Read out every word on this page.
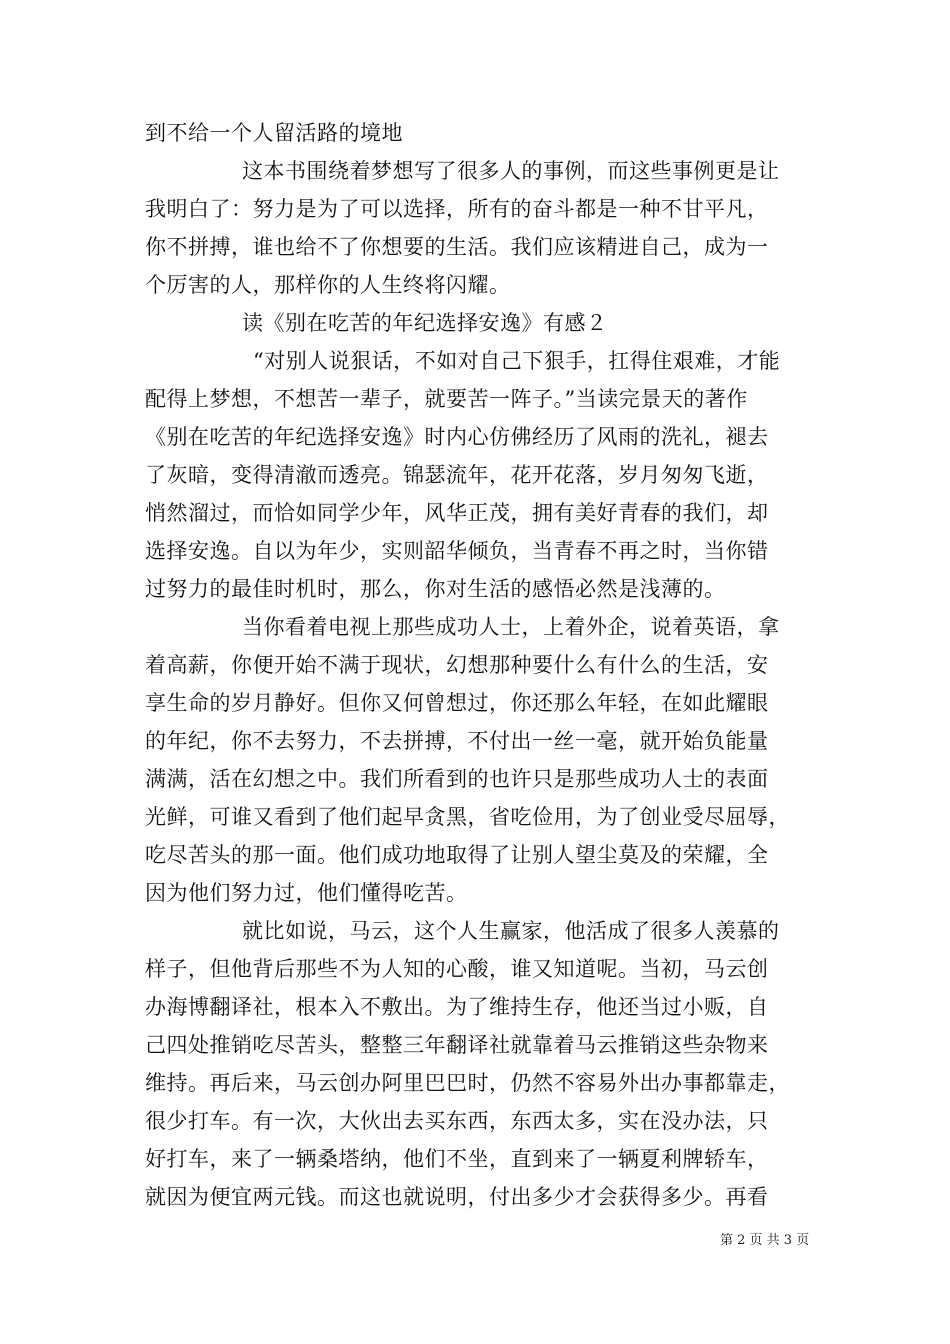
到不给一个人留活路的境地
这本书围绕着梦想写了很多人的事例，而这些事例更是让
我明白了：努力是为了可以选择，所有的奋斗都是一种不甘平凡，
你不拼搏，谁也给不了你想要的生活。我们应该精进自己，成为一
个厉害的人，那样你的人生终将闪耀。
读《别在吃苦的年纪选择安逸》有感２
“对别人说狠话，不如对自己下狠手，扛得住艰难，才能
配得上梦想，不想苦一辈子，就要苦一阵子。”当读完景天的著作
《别在吃苦的年纪选择安逸》时内心仿佛经历了风雨的洗礼，褪去
了灰暗，变得清澈而透亮。锦瑟流年，花开花落，岁月匆匆飞逝，
悄然溜过，而恰如同学少年，风华正茂，拥有美好青春的我们，却
选择安逸。自以为年少，实则韶华倾负，当青春不再之时，当你错
过努力的最佳时机时，那么，你对生活的感悟必然是浅薄的。
当你看着电视上那些成功人士，上着外企，说着英语，拿
着高薪，你便开始不满于现状，幻想那种要什么有什么的生活，安
享生命的岁月静好。但你又何曾想过，你还那么年轻，在如此耀眼
的年纪，你不去努力，不去拼搏，不付出一丝一毫，就开始负能量
满满，活在幻想之中。我们所看到的也许只是那些成功人士的表面
光鲜，可谁又看到了他们起早贪黑，省吃俭用，为了创业受尽屈辱，
吃尽苦头的那一面。他们成功地取得了让别人望尘莫及的荣耀，全
因为他们努力过，他们懂得吃苦。
就比如说，马云，这个人生赢家，他活成了很多人羡慕的
样子，但他背后那些不为人知的心酸，谁又知道呢。当初，马云创
办海博翻译社，根本入不敷出。为了维持生存，他还当过小贩，自
己四处推销吃尽苦头，整整三年翻译社就靠着马云推销这些杂物来
维持。再后来，马云创办阿里巴巴时，仍然不容易外出办事都靠走，
很少打车。有一次，大伙出去买东西，东西太多，实在没办法，只
好打车，来了一辆桑塔纳，他们不坐，直到来了一辆夏利牌轿车，
就因为便宜两元钱。而这也就说明，付出多少才会获得多少。再看
第 2 页 共 3 页
